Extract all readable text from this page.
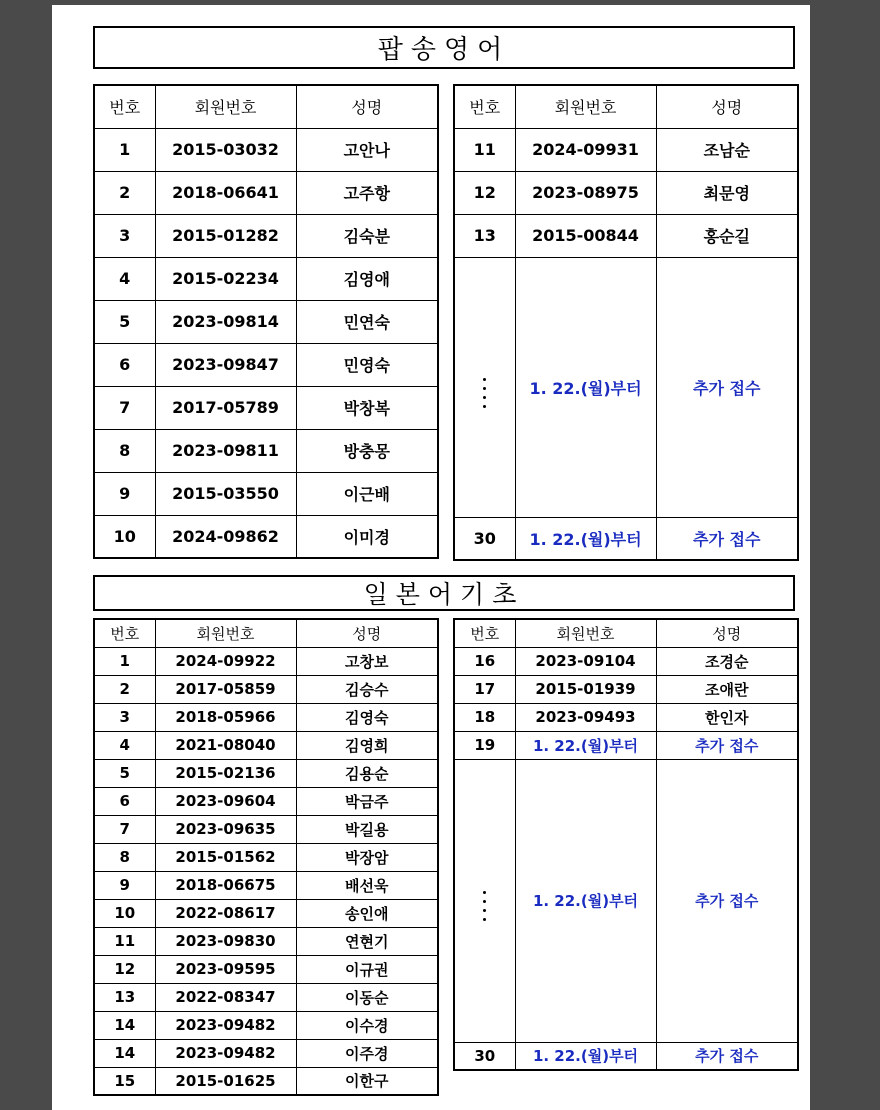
팝송영어
번호	회원번호	성명
1	2015-03032	고안나
2	2018-06641	고주항
3	2015-01282	김숙분
4	2015-02234	김영애
5	2023-09814	민연숙
6	2023-09847	민영숙
7	2017-05789	박창복
8	2023-09811	방충몽
9	2015-03550	이근배
10	2024-09862	이미경
번호	회원번호	성명
11	2024-09931	조남순
12	2023-08975	최문영
13	2015-00844	홍순길

	1. 22.(월)부터	추가 접수
30	1. 22.(월)부터	추가 접수
일본어기초
번호	회원번호	성명
1	2024-09922	고창보
2	2017-05859	김승수
3	2018-05966	김영숙
4	2021-08040	김영희
5	2015-02136	김용순
6	2023-09604	박금주
7	2023-09635	박길용
8	2015-01562	박장암
9	2018-06675	배선욱
10	2022-08617	송인애
11	2023-09830	연현기
12	2023-09595	이규권
13	2022-08347	이동순
14	2023-09482	이수경
14	2023-09482	이주경
15	2015-01625	이한구
번호	회원번호	성명
16	2023-09104	조경순
17	2015-01939	조애란
18	2023-09493	한인자
19	1. 22.(월)부터	추가 접수

	1. 22.(월)부터	추가 접수
30	1. 22.(월)부터	추가 접수
